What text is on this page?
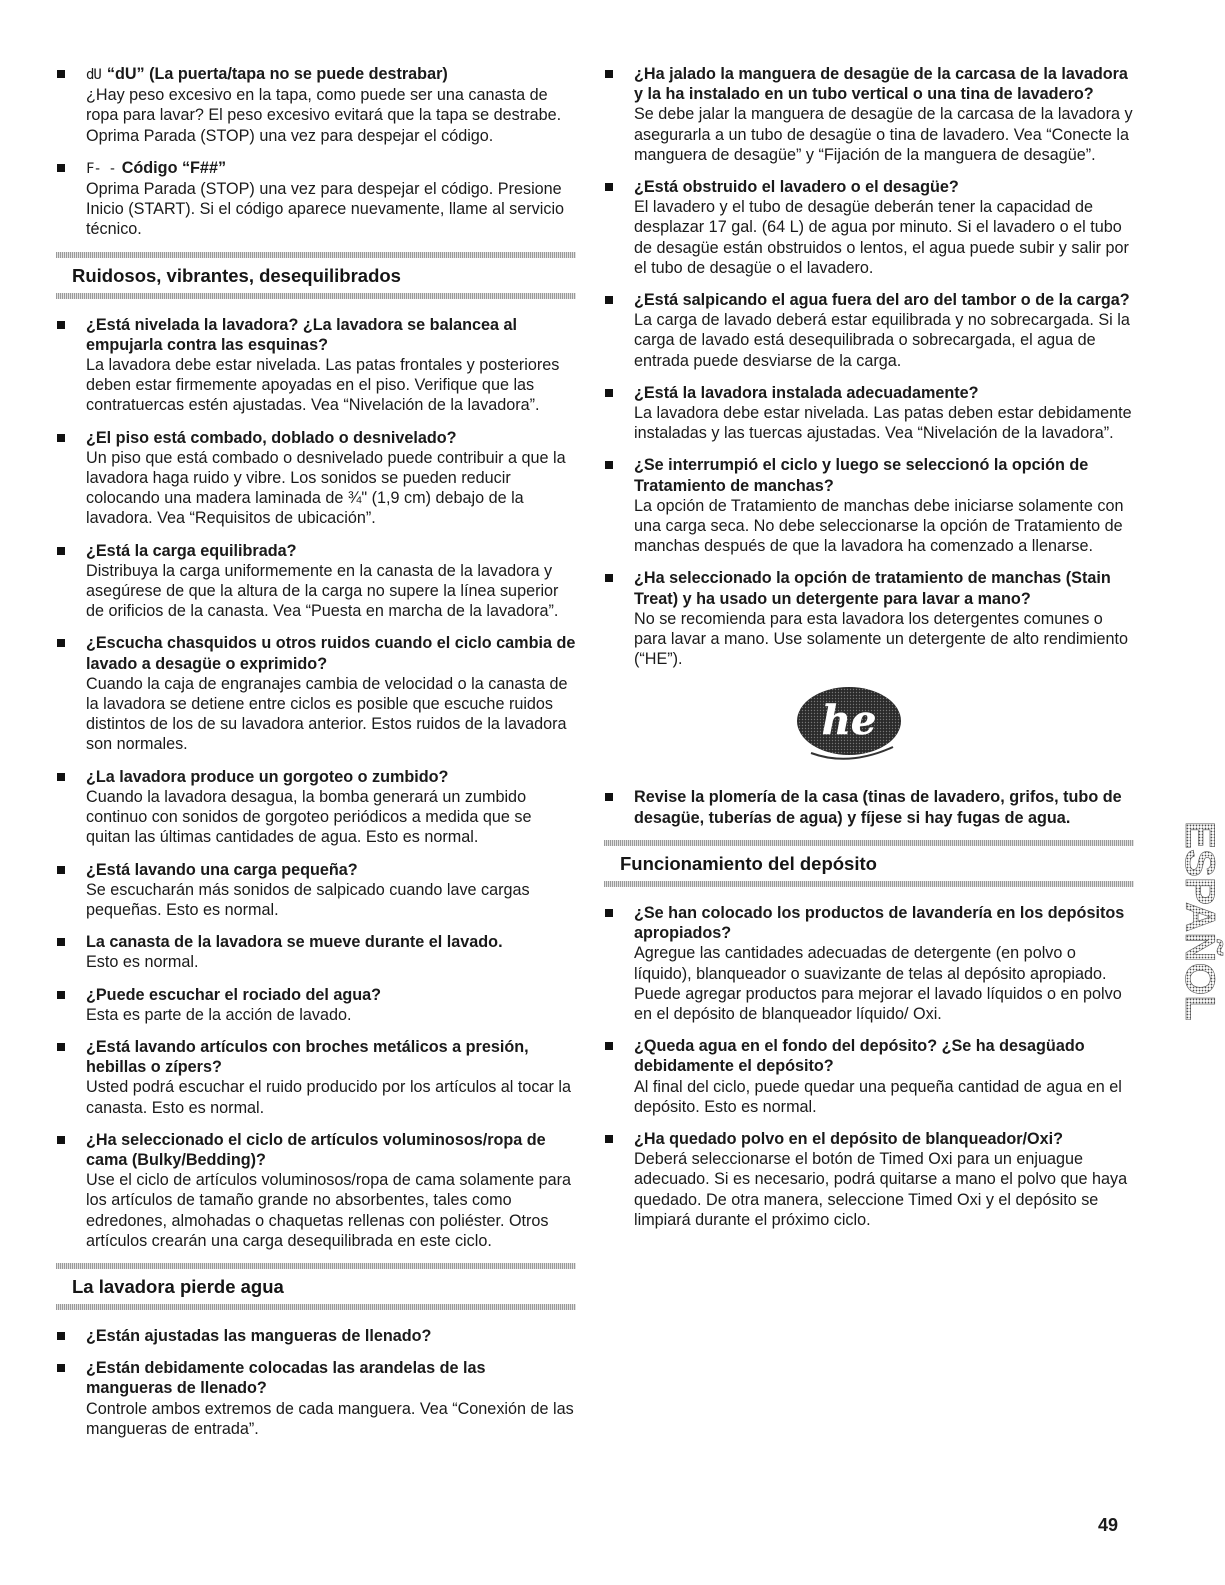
dU “dU” (La puerta/tapa no se puede destrabar)
¿Hay peso excesivo en la tapa, como puede ser una canasta de ropa para lavar? El peso excesivo evitará que la tapa se destrabe. Oprima Parada (STOP) una vez para despejar el código.
F- - Código “F##”
Oprima Parada (STOP) una vez para despejar el código. Presione Inicio (START). Si el código aparece nuevamente, llame al servicio técnico.
Ruidosos, vibrantes, desequilibrados
¿Está nivelada la lavadora? ¿La lavadora se balancea al empujarla contra las esquinas?
La lavadora debe estar nivelada. Las patas frontales y posteriores deben estar firmemente apoyadas en el piso. Verifique que las contratuercas estén ajustadas. Vea “Nivelación de la lavadora”.
¿El piso está combado, doblado o desnivelado?
Un piso que está combado o desnivelado puede contribuir a que la lavadora haga ruido y vibre. Los sonidos se pueden reducir colocando una madera laminada de ¾" (1,9 cm) debajo de la lavadora. Vea “Requisitos de ubicación”.
¿Está la carga equilibrada?
Distribuya la carga uniformemente en la canasta de la lavadora y asegúrese de que la altura de la carga no supere la línea superior de orificios de la canasta. Vea “Puesta en marcha de la lavadora”.
¿Escucha chasquidos u otros ruidos cuando el ciclo cambia de lavado a desagüe o exprimido?
Cuando la caja de engranajes cambia de velocidad o la canasta de la lavadora se detiene entre ciclos es posible que escuche ruidos distintos de los de su lavadora anterior. Estos ruidos de la lavadora son normales.
¿La lavadora produce un gorgoteo o zumbido?
Cuando la lavadora desagua, la bomba generará un zumbido continuo con sonidos de gorgoteo periódicos a medida que se quitan las últimas cantidades de agua. Esto es normal.
¿Está lavando una carga pequeña?
Se escucharán más sonidos de salpicado cuando lave cargas pequeñas. Esto es normal.
La canasta de la lavadora se mueve durante el lavado.
Esto es normal.
¿Puede escuchar el rociado del agua?
Esta es parte de la acción de lavado.
¿Está lavando artículos con broches metálicos a presión, hebillas o zípers?
Usted podrá escuchar el ruido producido por los artículos al tocar la canasta. Esto es normal.
¿Ha seleccionado el ciclo de artículos voluminosos/ropa de cama (Bulky/Bedding)?
Use el ciclo de artículos voluminosos/ropa de cama solamente para los artículos de tamaño grande no absorbentes, tales como edredones, almohadas o chaquetas rellenas con poliéster. Otros artículos crearán una carga desequilibrada en este ciclo.
La lavadora pierde agua
¿Están ajustadas las mangueras de llenado?
¿Están debidamente colocadas las arandelas de las mangueras de llenado?
Controle ambos extremos de cada manguera. Vea “Conexión de las mangueras de entrada”.
¿Ha jalado la manguera de desagüe de la carcasa de la lavadora y la ha instalado en un tubo vertical o una tina de lavadero?
Se debe jalar la manguera de desagüe de la carcasa de la lavadora y asegurarla a un tubo de desagüe o tina de lavadero. Vea “Conecte la manguera de desagüe” y “Fijación de la manguera de desagüe”.
¿Está obstruido el lavadero o el desagüe?
El lavadero y el tubo de desagüe deberán tener la capacidad de desplazar 17 gal. (64 L) de agua por minuto. Si el lavadero o el tubo de desagüe están obstruidos o lentos, el agua puede subir y salir por el tubo de desagüe o el lavadero.
¿Está salpicando el agua fuera del aro del tambor o de la carga?
La carga de lavado deberá estar equilibrada y no sobrecargada. Si la carga de lavado está desequilibrada o sobrecargada, el agua de entrada puede desviarse de la carga.
¿Está la lavadora instalada adecuadamente?
La lavadora debe estar nivelada. Las patas deben estar debidamente instaladas y las tuercas ajustadas. Vea “Nivelación de la lavadora”.
¿Se interrumpió el ciclo y luego se seleccionó la opción de Tratamiento de manchas?
La opción de Tratamiento de manchas debe iniciarse solamente con una carga seca. No debe seleccionarse la opción de Tratamiento de manchas después de que la lavadora ha comenzado a llenarse.
¿Ha seleccionado la opción de tratamiento de manchas (Stain Treat) y ha usado un detergente para lavar a mano?
No se recomienda para esta lavadora los detergentes comunes o para lavar a mano. Use solamente un detergente de alto rendimiento (“HE”).
he
Revise la plomería de la casa (tinas de lavadero, grifos, tubo de desagüe, tuberías de agua) y fíjese si hay fugas de agua.
Funcionamiento del depósito
¿Se han colocado los productos de lavandería en los depósitos apropiados?
Agregue las cantidades adecuadas de detergente (en polvo o líquido), blanqueador o suavizante de telas al depósito apropiado. Puede agregar productos para mejorar el lavado líquidos o en polvo en el depósito de blanqueador líquido/ Oxi.
¿Queda agua en el fondo del depósito? ¿Se ha desagüado debidamente el depósito?
Al final del ciclo, puede quedar una pequeña cantidad de agua en el depósito. Esto es normal.
¿Ha quedado polvo en el depósito de blanqueador/Oxi?
Deberá seleccionarse el botón de Timed Oxi para un enjuague adecuado. Si es necesario, podrá quitarse a mano el polvo que haya quedado. De otra manera, seleccione Timed Oxi y el depósito se limpiará durante el próximo ciclo.
ESPAÑOL
49
